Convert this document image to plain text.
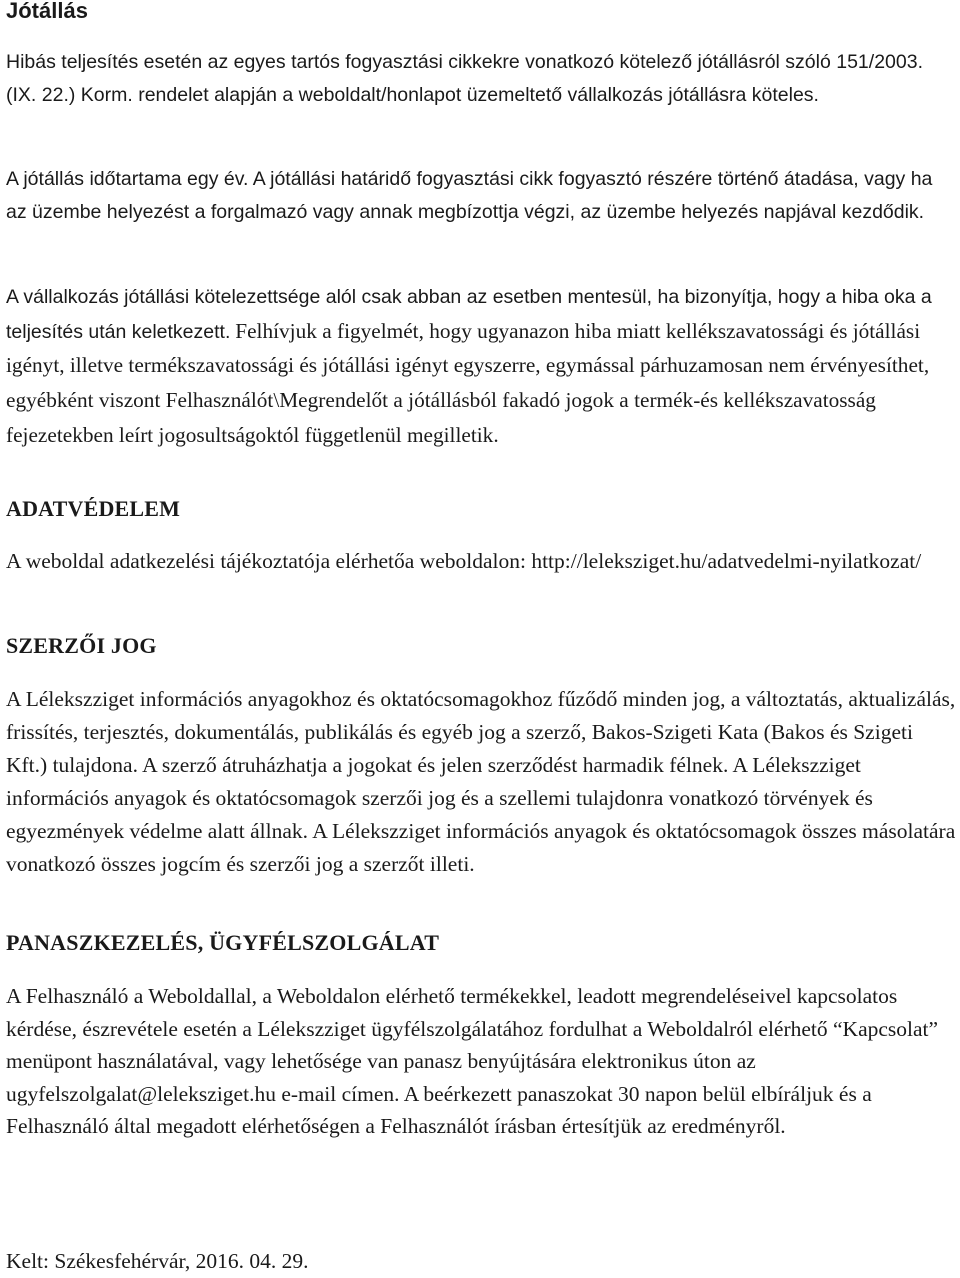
Jótállás

Hibás teljesítés esetén az egyes tartós fogyasztási cikkekre vonatkozó kötelező jótállásról szóló 151/2003. (IX. 22.) Korm. rendelet alapján a weboldalt/honlapot üzemeltető vállalkozás jótállásra köteles.

A jótállás időtartama egy év. A jótállási határidő fogyasztási cikk fogyasztó részére történő átadása, vagy ha az üzembe helyezést a forgalmazó vagy annak megbízottja végzi, az üzembe helyezés napjával kezdődik.

A vállalkozás jótállási kötelezettsége alól csak abban az esetben mentesül, ha bizonyítja, hogy a hiba oka a teljesítés után keletkezett. Felhívjuk a figyelmét, hogy ugyanazon hiba miatt kellékszavatossági és jótállási igényt, illetve termékszavatossági és jótállási igényt egyszerre, egymással párhuzamosan nem érvényesíthet, egyébként viszont Felhasználót\Megrendelőt a jótállásból fakadó jogok a termék-és kellékszavatosság fejezetekben leírt jogosultságoktól függetlenül megilletik.

ADATVÉDELEM

A weboldal adatkezelési tájékoztatója elérhetőa weboldalon: http://leleksziget.hu/adatvedelmi-nyilatkozat/

SZERZŐI JOG

A Lélekszziget információs anyagokhoz és oktatócsomagokhoz fűződő minden jog, a változtatás, aktualizálás, frissítés, terjesztés, dokumentálás, publikálás és egyéb jog a szerző, Bakos-Szigeti Kata (Bakos és Szigeti Kft.) tulajdona. A szerző átruházhatja a jogokat és jelen szerződést harmadik félnek. A Lélekszziget információs anyagok és oktatócsomagok szerzői jog és a szellemi tulajdonra vonatkozó törvények és egyezmények védelme alatt állnak. A Lélekszziget információs anyagok és oktatócsomagok összes másolatára vonatkozó összes jogcím és szerzői jog a szerzőt illeti.

PANASZKEZELÉS, ÜGYFÉLSZOLGÁLAT

A Felhasználó a Weboldallal, a Weboldalon elérhető termékekkel, leadott megrendeléseivel kapcsolatos kérdése, észrevétele esetén a Lélekszziget ügyfélszolgálatához fordulhat a Weboldalról elérhető “Kapcsolat” menüpont használatával, vagy lehetősége van panasz benyújtására elektronikus úton az ugyfelszolgalat@leleksziget.hu e-mail címen. A beérkezett panaszokat 30 napon belül elbíráljuk és a Felhasználó által megadott elérhetőségen a Felhasználót írásban értesítjük az eredményről.

Kelt: Székesfehérvár, 2016. 04. 29.
